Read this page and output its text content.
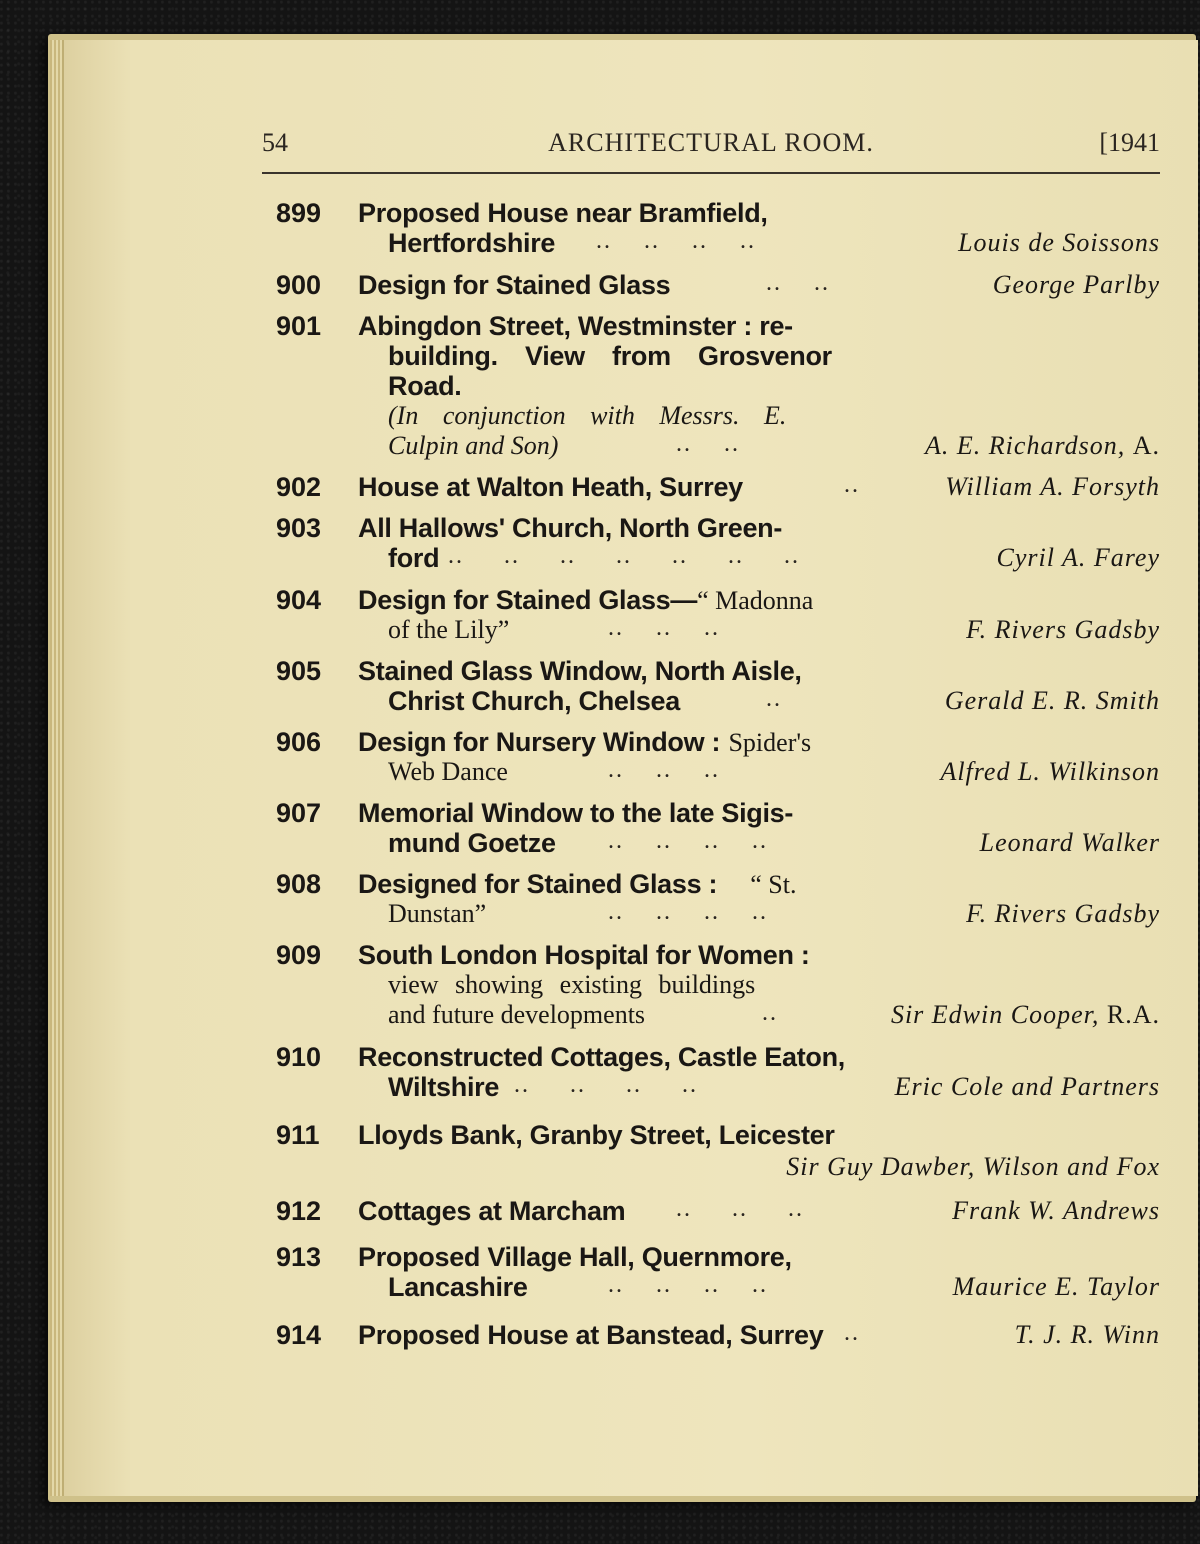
54	ARCHITECTURAL ROOM.	[1941
899 Proposed House near Bramfield,
Hertfordshire ..    ..    ..    ..	Louis de Soissons
900 Design for Stained Glass	..    ..	George Parlby
901 Abingdon Street, Westminster : re-
building. View from Grosvenor
Road.
(In conjunction with Messrs. E.
Culpin and Son)	..    ..	A. E. Richardson, A.
902 House at Walton Heath, Surrey	..	William A. Forsyth
903 All Hallows' Church, North Green-
ford ..     ..     ..     ..     ..     ..     ..	Cyril A. Farey
904 Design for Stained Glass—“ Madonna
of the Lily”	..    ..    ..	F. Rivers Gadsby
905 Stained Glass Window, North Aisle,
Christ Church, Chelsea	..	Gerald E. R. Smith
906 Design for Nursery Window : Spider's
Web Dance	..    ..    ..	Alfred L. Wilkinson
907 Memorial Window to the late Sigis-
mund Goetze ..    ..    ..    ..	Leonard Walker
908 Designed for Stained Glass : “ St.
Dunstan”	..    ..    ..    ..	F. Rivers Gadsby
909 South London Hospital for Women :
view showing existing buildings
and future developments	..	Sir Edwin Cooper, R.A.
910 Reconstructed Cottages, Castle Eaton,
Wiltshire ..     ..     ..     ..	Eric Cole and Partners
911 Lloyds Bank, Granby Street, Leicester
Sir Guy Dawber, Wilson and Fox
912 Cottages at Marcham ..     ..     ..	Frank W. Andrews
913 Proposed Village Hall, Quernmore,
Lancashire	..    ..    ..    ..	Maurice E. Taylor
914 Proposed House at Banstead, Surrey ..	T. J. R. Winn
